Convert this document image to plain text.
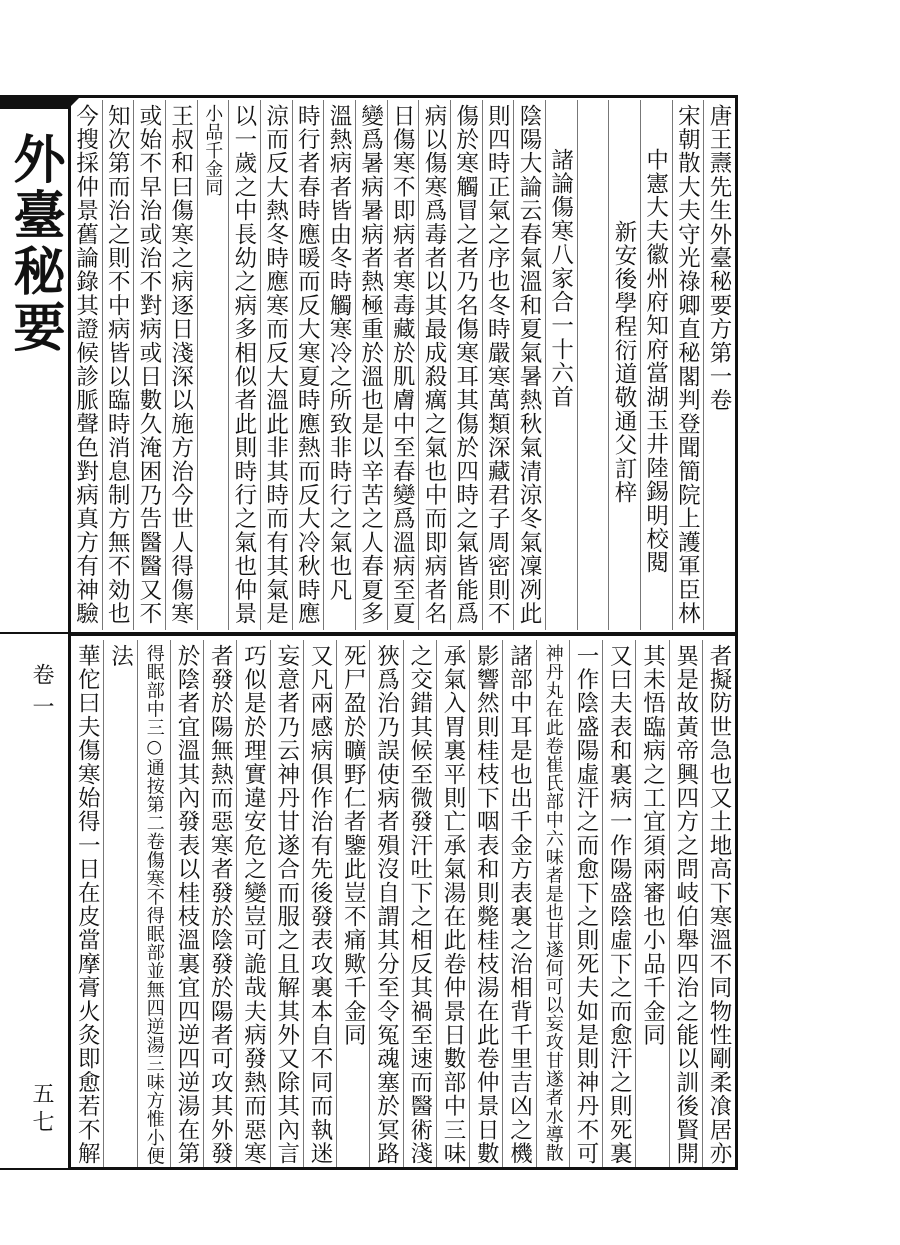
外臺秘要
卷一
五七
唐王燾先生外臺秘要方第一卷
宋朝散大夫守光祿卿直秘閣判登聞簡院上護軍臣林　
中憲大夫徽州府知府當湖玉井陸錫明校閱
新安後學程衍道敬通父訂梓
諸論傷寒八家合一十六首
陰陽大論云春氣溫和夏氣暑熱秋氣清涼冬氣凜冽此
則四時正氣之序也冬時嚴寒萬類深藏君子周密則不
傷於寒觸冒之者乃名傷寒耳其傷於四時之氣皆能爲
病以傷寒爲毒者以其最成殺癘之氣也中而即病者名
日傷寒不即病者寒毒藏於肌膚中至春變爲溫病至夏
變爲暑病暑病者熱極重於溫也是以辛苦之人春夏多
溫熱病者皆由冬時觸寒冷之所致非時行之氣也凡
時行者春時應暖而反大寒夏時應熱而反大冷秋時應
涼而反大熱冬時應寒而反大溫此非其時而有其氣是
以一歲之中長幼之病多相似者此則時行之氣也仲景
小品千金同
王叔和曰傷寒之病逐日淺深以施方治今世人得傷寒
或始不早治或治不對病或日數久淹困乃告醫醫又不
知次第而治之則不中病皆以臨時消息制方無不効也
今搜採仲景舊論錄其證候診脈聲色對病真方有神驗
者擬防世急也又土地高下寒溫不同物性剛柔飡居亦
異是故黃帝興四方之問岐伯舉四治之能以訓後賢開
其未悟臨病之工宜須兩審也小品千金同
又曰夫表和裏病一作陽盛陰虛下之而愈汗之則死裏
一作陰盛陽虛汗之而愈下之則死夫如是則神丹不可
神丹丸在此卷崔氏部中六味者是也甘遂何可以妄攻甘遂者水導散
諸部中耳是也出千金方表裏之治相背千里吉凶之機
影響然則桂枝下咽表和則斃桂枝湯在此卷仲景日數
承氣入胃裏平則亡承氣湯在此卷仲景日數部中三味
之交錯其候至微發汗吐下之相反其禍至速而醫術淺
狹爲治乃誤使病者殞沒自謂其分至令冤魂塞於冥路
死尸盈於曠野仁者鑒此豈不痛歟千金同
又凡兩感病俱作治有先後發表攻裏本自不同而執迷
妄意者乃云神丹甘遂合而服之且解其外又除其內言
巧似是於理實違安危之變豈可詭哉夫病發熱而惡寒
者發於陽無熱而惡寒者發於陰發於陽者可攻其外發
於陰者宜溫其內發表以桂枝溫裏宜四逆四逆湯在第
得眠部中三○通按第二卷傷寒不得眠部並無四逆湯三味方惟小便
法
華佗曰夫傷寒始得一日在皮當摩膏火灸即愈若不解
